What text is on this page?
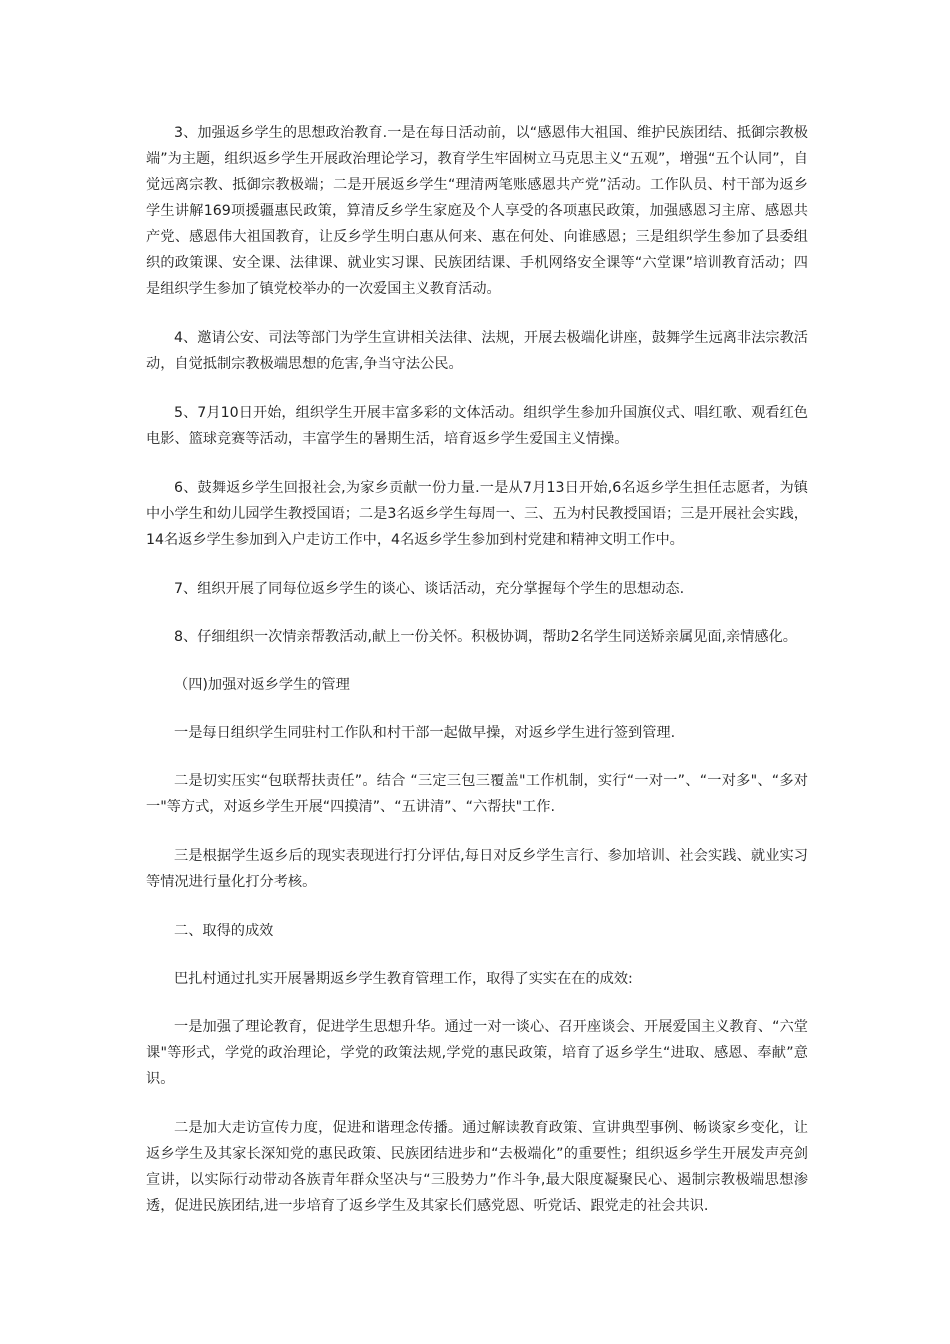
3、加强返乡学生的思想政治教育.一是在每日活动前，以“感恩伟大祖国、维护民族团结、抵御宗教极端”为主题，组织返乡学生开展政治理论学习，教育学生牢固树立马克思主义“五观”，增强“五个认同”，自觉远离宗教、抵御宗教极端；二是开展返乡学生“理清两笔账感恩共产党”活动。工作队员、村干部为返乡学生讲解169项援疆惠民政策，算清反乡学生家庭及个人享受的各项惠民政策，加强感恩习主席、感恩共产党、感恩伟大祖国教育，让反乡学生明白惠从何来、惠在何处、向谁感恩；三是组织学生参加了县委组织的政策课、安全课、法律课、就业实习课、民族团结课、手机网络安全课等“六堂课”培训教育活动；四是组织学生参加了镇党校举办的一次爱国主义教育活动。

4、邀请公安、司法等部门为学生宣讲相关法律、法规，开展去极端化讲座，鼓舞学生远离非法宗教活动，自觉抵制宗教极端思想的危害,争当守法公民。

5、7月10日开始，组织学生开展丰富多彩的文体活动。组织学生参加升国旗仪式、唱红歌、观看红色电影、篮球竞赛等活动，丰富学生的暑期生活，培育返乡学生爱国主义情操。

6、鼓舞返乡学生回报社会,为家乡贡献一份力量.一是从7月13日开始,6名返乡学生担任志愿者，为镇中小学生和幼儿园学生教授国语；二是3名返乡学生每周一、三、五为村民教授国语；三是开展社会实践，14名返乡学生参加到入户走访工作中，4名返乡学生参加到村党建和精神文明工作中。

7、组织开展了同每位返乡学生的谈心、谈话活动，充分掌握每个学生的思想动态.

8、仔细组织一次情亲帮教活动,献上一份关怀。积极协调，帮助2名学生同送矫亲属见面,亲情感化。

（四)加强对返乡学生的管理

一是每日组织学生同驻村工作队和村干部一起做早操，对返乡学生进行签到管理.

二是切实压实“包联帮扶责任”。结合 “三定三包三覆盖"工作机制，实行“一对一”、“一对多"、“多对一"等方式，对返乡学生开展“四摸清”、“五讲清”、“六帮扶"工作.

三是根据学生返乡后的现实表现进行打分评估,每日对反乡学生言行、参加培训、社会实践、就业实习等情况进行量化打分考核。

二、取得的成效

巴扎村通过扎实开展暑期返乡学生教育管理工作，取得了实实在在的成效:

一是加强了理论教育，促进学生思想升华。通过一对一谈心、召开座谈会、开展爱国主义教育、“六堂课"等形式，学党的政治理论，学党的政策法规,学党的惠民政策，培育了返乡学生“进取、感恩、奉献”意识。

二是加大走访宣传力度，促进和谐理念传播。通过解读教育政策、宣讲典型事例、畅谈家乡变化，让返乡学生及其家长深知党的惠民政策、民族团结进步和“去极端化”的重要性；组织返乡学生开展发声亮剑宣讲，以实际行动带动各族青年群众坚决与“三股势力”作斗争,最大限度凝聚民心、遏制宗教极端思想渗透，促进民族团结,进一步培育了返乡学生及其家长们感党恩、听党话、跟党走的社会共识.
